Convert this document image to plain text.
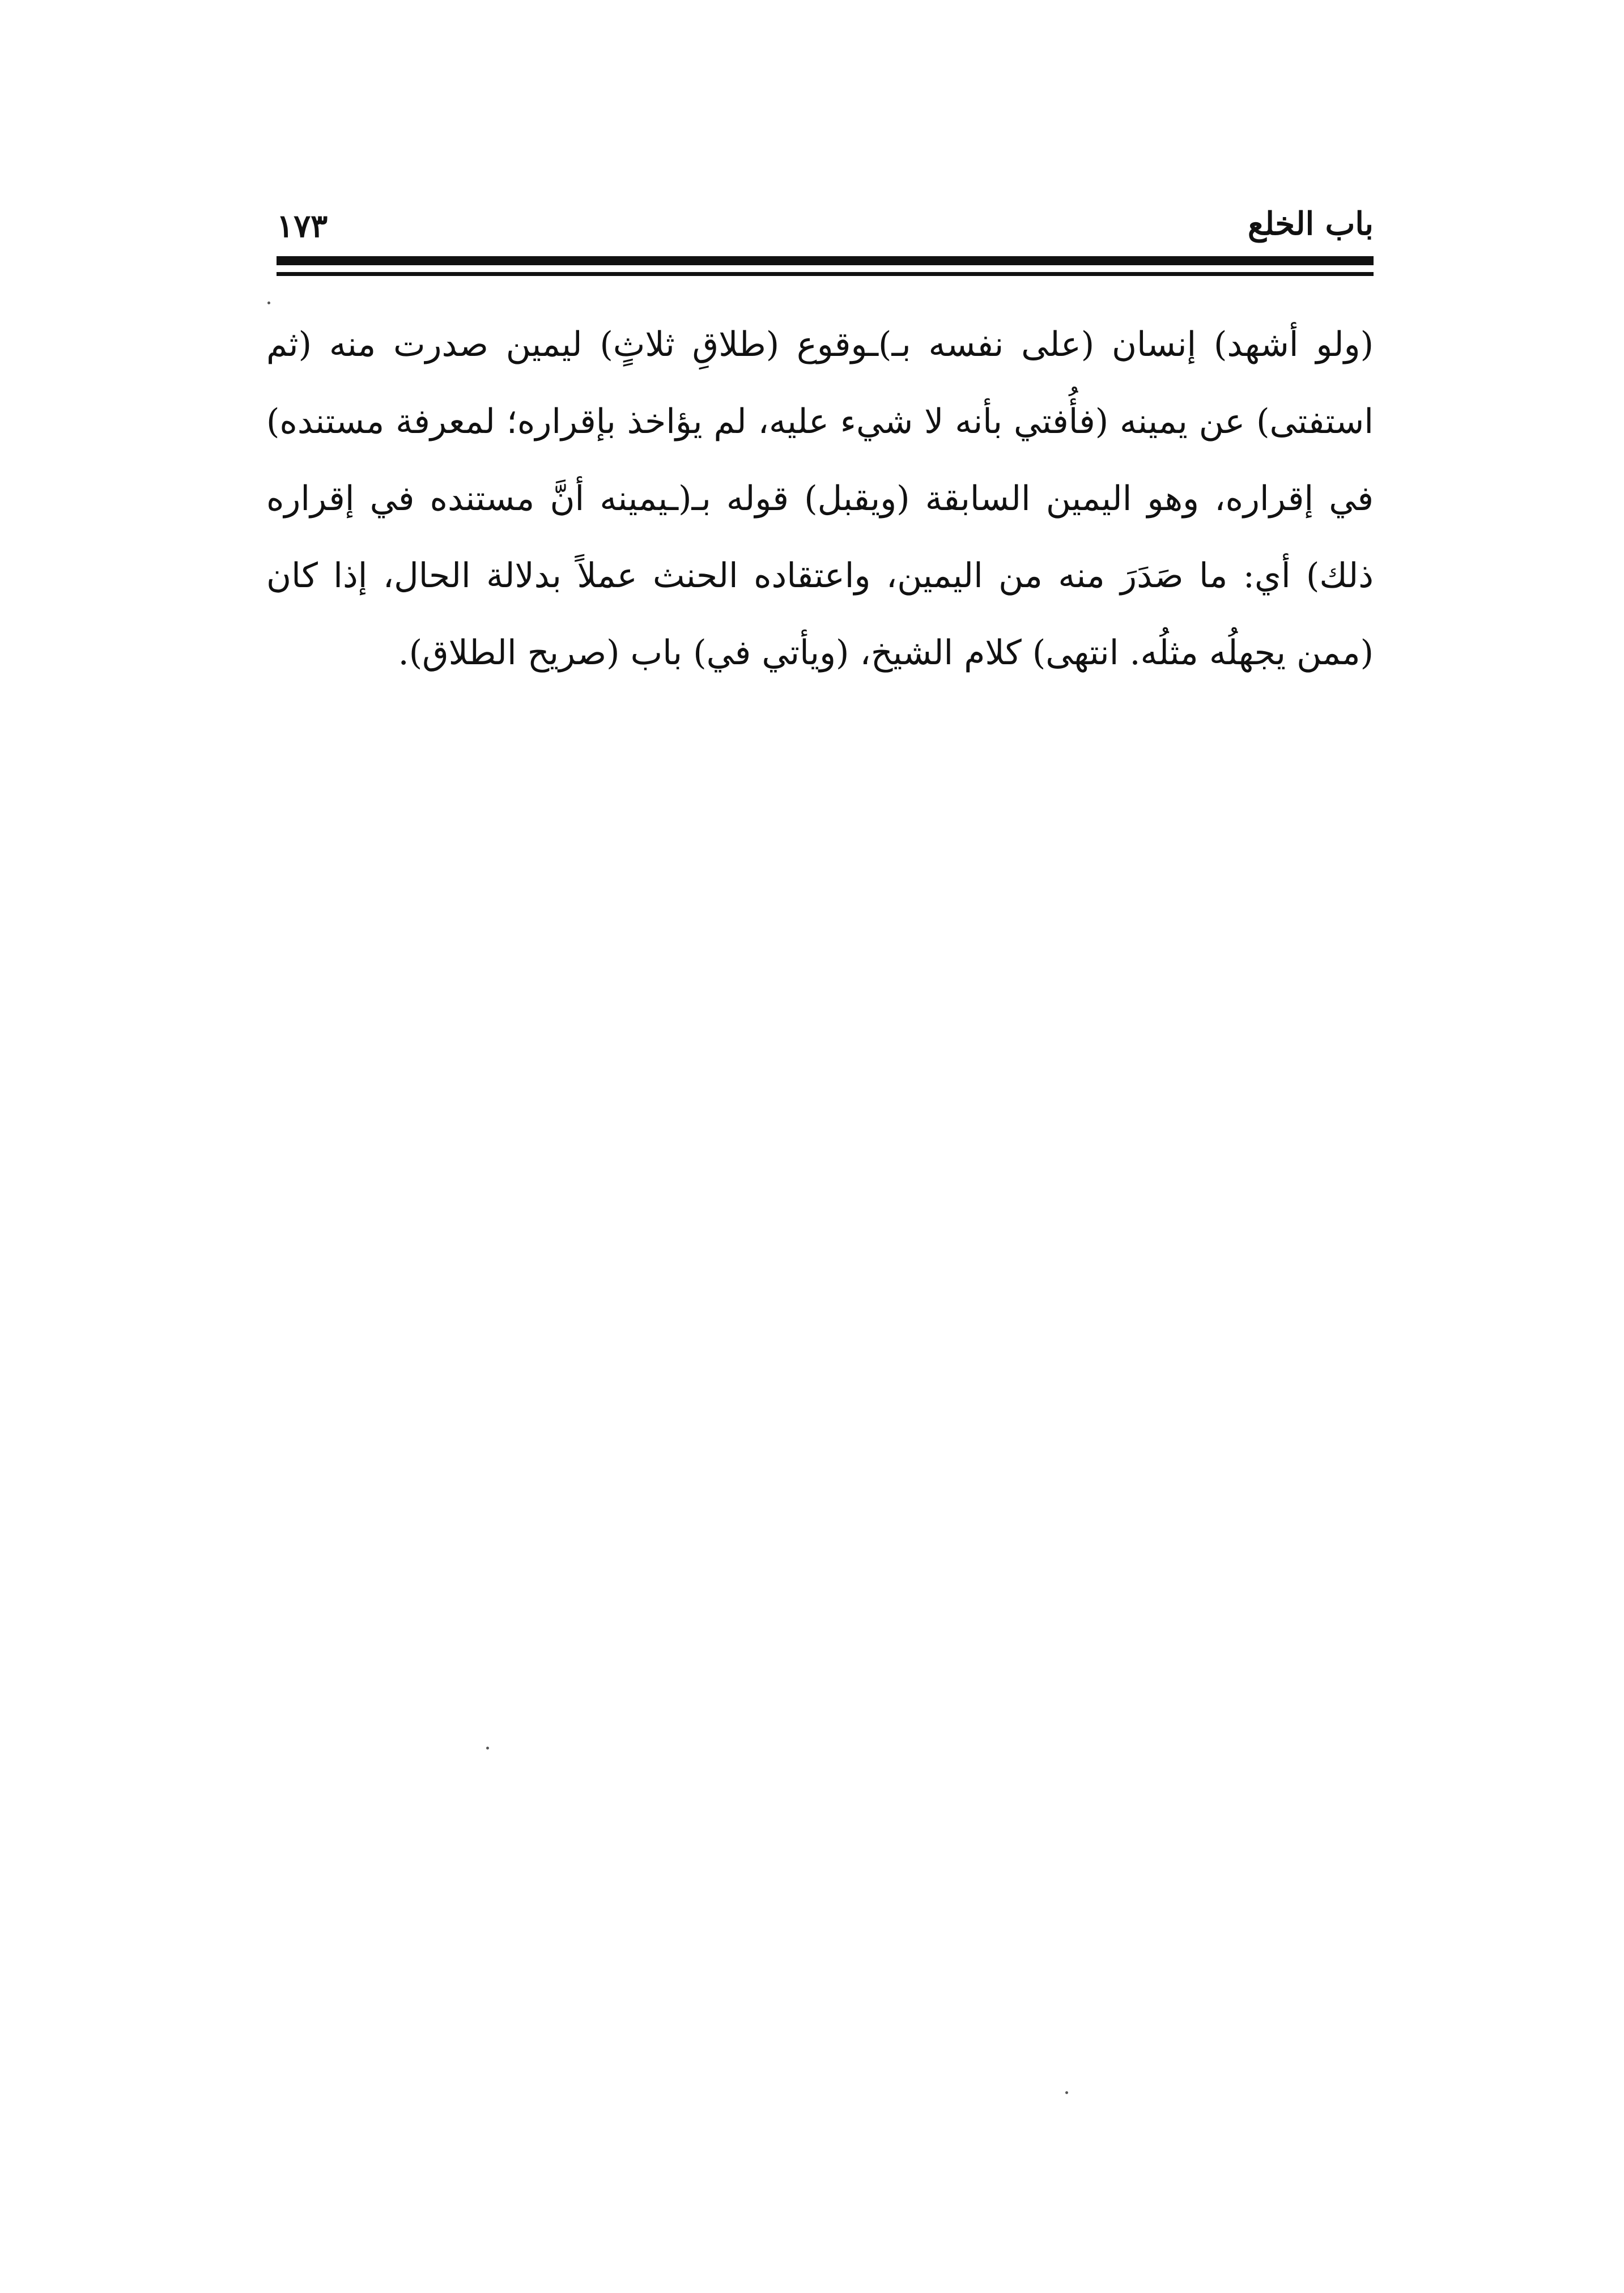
باب الخلع
١٧٣

(ولو أشهد) إنسان (على نفسه بـ)ـوقوع (طلاقِ ثلاثٍ) ليمين صدرت منه (ثم استفتى) عن يمينه (فأُفتي بأنه لا شيء عليه، لم يؤاخذ بإقراره؛ لمعرفة مستنده) في إقراره، وهو اليمين السابقة (ويقبل) قوله بـ(ـيمينه أنَّ مستنده في إقراره ذلك) أي: ما صَدَرَ منه من اليمين، واعتقاده الحنث عملاً بدلالة الحال، إذا كان (ممن يجهلُه مثلُه. انتهى) كلام الشيخ، (ويأتي في) باب (صريح الطلاق).
